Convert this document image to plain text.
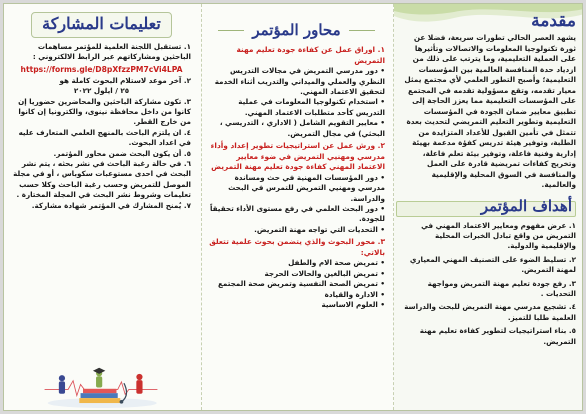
مقدمة

يشهد العصر الحالي تطورات سريعة، فضلا عن ثورة تكنولوجيا المعلومات والاتصالات وتأثيرها على العملية التعليمية، وما يترتب على ذلك من ازدياد حدة المنافسة العالمية بين المؤسسات التعليمية؛ وأصبح التطور العلمي لأي مجتمع يمثل معيار تقدمه، وتقع مسؤولية تقدمه في المجتمع على المؤسسات التعليمية مما يعزز الحاجة إلى تطبيق معايير ضمان الجودة في المؤسسات التعليمية وتطوير التعليم التمريضي لتحديث بعدة تتمثل في تأمين القبول للأعداد المتزايدة من الطلبة، وتوفير هيئة تدريس كفؤة مدعمة بهيئة إدارية وفنية فاعلة، وتوفير بيئة تعلم فاعلة، وتخريج كفاءات تمريضية قادرة على العمل والمنافسة في السوق المحلية والإقليمية والعالمية.

أهداف المؤتمر
١. عرض مفهوم ومعايير الاعتماد المهني في التمريض من واقع تبادل الخبرات المحلية والإقليمية والدولية.
٢. تسليط الضوء على التصنيف المهني المعياري لمهنة التمريض.
٣. رفع جودة تعليم مهنة التمريض ومواجهة التحديات .
٤. تشجيع مدرسي مهنة التمريض للبحث والدراسة العلمية طلبا للتميز.
٥. بناء استراتيجيات لتطوير كفاءة تعليم مهنة التمريض.
محاور المؤتمر

١. اوراق عمل عن كفاءة جودة تعليم مهنة التمريض

• دور مدرسي التمريض في مجالات التدريس النظري والعملي والميداني والتدريب أثناء الخدمة لتحقيق الاعتماد المهني.
• استخدام تكنولوجيا المعلومات في عملية التدريس كأحد متطلبات الاعتماد المهني.
• معايير التقويم الشامل ( الاداري ، التدريسي ، البحثي) في مجال التمريض.

٢. ورش عمل عن استراتيجيات تطوير إعداد وأداء مدرسي ومهنيي التمريض في ضوء معايير الاعتماد المهني كفاءة جودة تعليم مهنة التمريض

• دور المؤسسات المهنية في حث ومساندة مدرسي ومهنيي التمريض للتمرس في البحث والدراسة.
• دور البحث العلمي في رفع مستوى الأداء تحقيقاً للجودة.
• التحديات التي تواجه مهنة التمريض.

٣. محور البحوث والذي يتضمن بحوث علمية تتعلق بالاتي:

• تمريض صحة الام والطفل
• تمريض البالغين والحالات الحرجة
• تمريض الصحة النفسية وتمريض صحة المجتمع
• الادارة والقيادة
• العلوم الاساسية
تعليمات المشاركة
١. تستقبل اللجنة العلمية للمؤتمر مساهمات الباحثين ومشاركاتهم عبر الرابط الالكتروني :
https://forms.gle/D8pXfzzPM7cVi4LPA
٢. آخر موعد لاستلام البحوث كاملة هو
٢٥ / ايلول ٢٠٢٢
٣. تكون مشاركة الباحثين والمحاضرين حضوريا إن كانوا من داخل محافظة نينوى، والكترونيا إن كانوا من خارج القطر.
٤. ان يلتزم الباحث بالمنهج العلمي المتعارف عليه في اعداد البحوث.
٥. أن يكون البحث ضمن محاور المؤتمر.
٦. في حالة رغبة الباحث في نشر بحثه ، يتم نشر البحث في احدى مستوعبات سكوباس ، أو في مجلة الموصل للتمريض وحسب رغبة الباحث وكلا حسب تعليمات وشروط نشر البحث في المجلة المختارة .
٧. يُمنح المشارك في المؤتمر شهادة مشاركة.
